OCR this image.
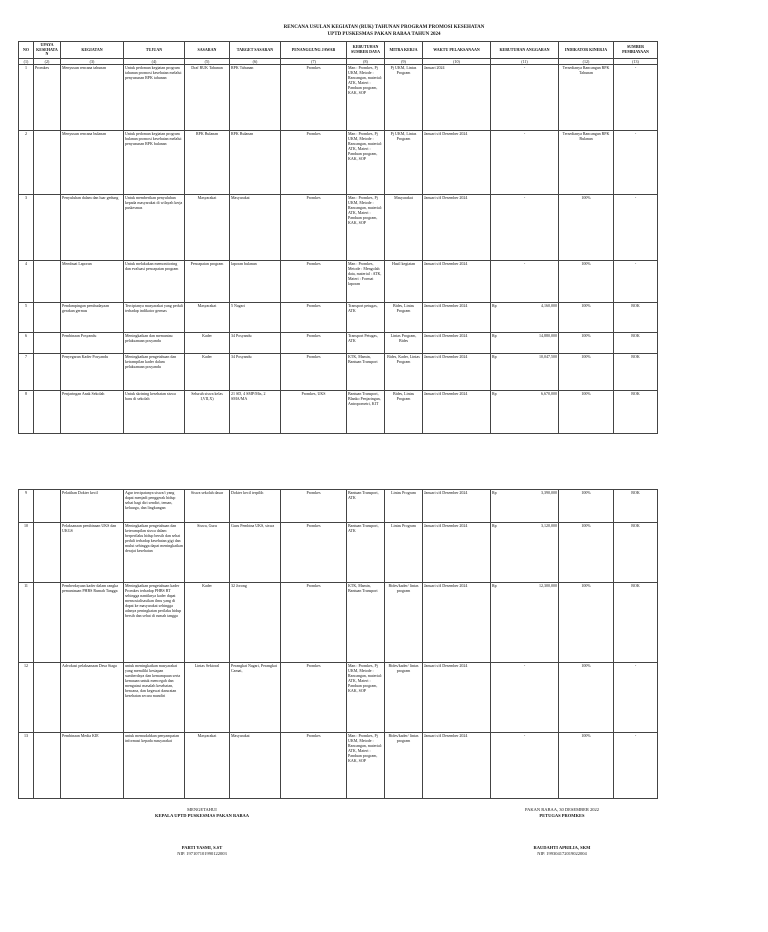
RENCANA USULAN KEGIATAN (RUK) TAHUNAN PROGRAM PROMOSI KESEHATAN
UPTD PUSKESMAS PAKAN RABAA TAHUN 2024
NO	UPAYA KESEHATAN	KEGIATAN	TUJUAN	SASARAN	TARGET SASARAN	PENANGGUNG JAWAB	KEBUTUHAN SUMBER DAYA	MITRA KERJA	WAKTU PELAKSANAAN	KEBUTUHAN ANGGARAN	INDIKATOR KINERJA	SUMBER PEMBIAYAAN
(1)	(2)	(3)	(4)	(5)	(6)	(7)	(8)	(9)	(10)	(11)	(12)	(13)
1	Promkes	Menyusun rencana tahunan	Untuk pedoman kegiatan program tahunan promosi kesehatan melalui penyusunan RPK tahunan	Draf RUK Tahunan	RPK Tahunan	Promkes	Man : Promkes, Pj UKM, Metode : Rancangan, material: ATK, Materi : Panduan program, KAK, SOP	Pj UKM, Lintas Program	Januari 2024	-	Tersedianya Rancangan RPK Tahunan	-
2		Menyusun rencana bulanan	Untuk pedoman kegiatan program bulanan promosi kesehatan melalui penyusunan RPK bulanan	RPK Bulanan	RPK Bulanan	Promkes	Man : Promkes, Pj UKM, Metode : Rancangan, material: ATK, Materi : Panduan program, KAK, SOP	Pj UKM, Lintas Program	Januari s/d Desember 2024	-	Tersedianya Rancangan RPK Bulanan	-
3		Penyuluhan dalam dan luar gedung	Untuk memberikan penyuluhan kepada masyarakat di wilayah kerja puskesmas	Masyarakat	Masyarakat	Promkes	Man : Promkes, Pj UKM, Metode : Rancangan, material: ATK, Materi : Panduan program, KAK, SOP	Masyarakat	Januari s/d Desember 2024	-	100%	-
4		Membuat Laporan	Untuk melakukan memonitoring dan evaluasi pencapaian program	Pencapaian program	laporan bulanan	Promkes	Man : Promkes, Metode : Mengolah data, material : ATK, Materi : Format laporan	Hasil kegiatan	Januari s/d Desember 2024	-	100%	-
5		Pendampingan pembudayaan gerakan germas	Terciptanya masyarakat yang peduli terhadap indikator germas	Masyarakat	5 Nagari	Promkes	Transport petugas, ATK	Bides, Lintas Program	Januari s/d Desember 2024	Rp 4,160,000	100%	BOK
6		Pembinaan Posyandu	Meningkatkan dan memantau pelaksanaan posyandu	Kader	34 Posyandu	Promkes	Transport Petugas, ATK	Lintas Program, Bides	Januari s/d Desember 2024	Rp 14,880,000	100%	BOK
7		Penyegaran Kader Posyandu	Meningkatkan pengetahuan dan ketrampilan kader dalam pelaksanaan posyandu	Kader	34 Posyandu	Promkes	KTK, Mamin, Bantuan Transport	Bides, Kader, Lintas Program	Januari s/d Desember 2024	Rp 10,047,500	100%	BOK
8		Penjaringan Anak Sekolah	Untuk skrining kesehatan siswa baru di sekolah	Seluruh siswa kelas I,VII,X)	21 SD, 4 SMP/Mts, 2 SMA/MA	Promkes, UKS	Bantuan Transport, Blanko Penjaringan, Antropometri, KIT	Bides, Lintas Program	Januari s/d Desember 2024	Rp 6,670,000	100%	BOK
9		Pelatihan Dokter kecil	Agar tercipatanya siswa/i yang dapat menjadi penggerak hidup sehat bagi diri sendiri, teman, keluarga, dan lingkungan	Siswa sekolah dasar	Dokter kecil terpilih	Promkes	Bantuan Transport, ATK	Lintas Program	Januari s/d Desember 2024	Rp 3,390,000	100%	BOK
10		Pelaksanaan pembinaan UKS dan UKGS	Meningkatkan pengetahuan dan keterampilan siswa dalam berperilaku hidup bersih dan sehat peduli terhadap kesehatan gigi dan mulut sehingga dapat meningkatkan derajat kesehatan	Siswa, Guru	Guru Pembina UKS, siswa	Promkes	Bantuan Transport, ATK	Lintas Program	Januari s/d Desember 2024	Rp 3,120,000	100%	BOK
11		Pemberdayaan kader dalam rangka pemantauan PHBS Rumah Tangga	Meningkatkan pengetahuan kader Promkes terhadap PHBS RT sehingga nantiknya kader dapat mensosialisasikan ilmu yang di dapat ke masyarakat sehingga adanya peningkatan perilaku hidup bersih dan sehat di rumah tangga	Kader	32 Jorong	Promkes	KTK, Mamin, Bantuan Transport	Bides/kader/ lintas program	Januari s/d Desember 2024	Rp 12,300,000	100%	BOK
12		Advokasi pelaksanaan Desa Siaga	untuk meningkatkan masyarakat yang memiliki kesiapan sumberdaya dan kemampuan serta kemauan untuk mencegah dan mengatasi masalah kesehatan, bencana, dan kegawat daruratan kesehatan secara mandiri	Lintas Sektoral	Perangkat Nagari, Perangkat Camat,	Promkes	Man : Promkes, Pj UKM, Metode : Rancangan, material: ATK, Materi : Panduan program, KAK, SOP	Bides/kader/ lintas program	Januari s/d Desember 2024	-	100%	-
13		Pembinaan Media KIE	untuk memudahkan penyampaian informasi kepada masyarakat	Masyarakat	Masyarakat	Promkes	Man : Promkes, Pj UKM, Metode : Rancangan, material: ATK, Materi : Panduan program, KAK, SOP	Bides/kader/ lintas program	Januari s/d Desember 2024	-	100%	-
MENGETAHUI
KEPALA UPTD PUSKESMAS PAKAN RABAA
PARTI YASMI, S.ST
NIP. 197107101990122003
PAKAN RABAA, 30 DESEMBER 2022
PETUGAS PROMKES
RAUDAHTI APRILIA, SKM
NIP. 199304172019022004
